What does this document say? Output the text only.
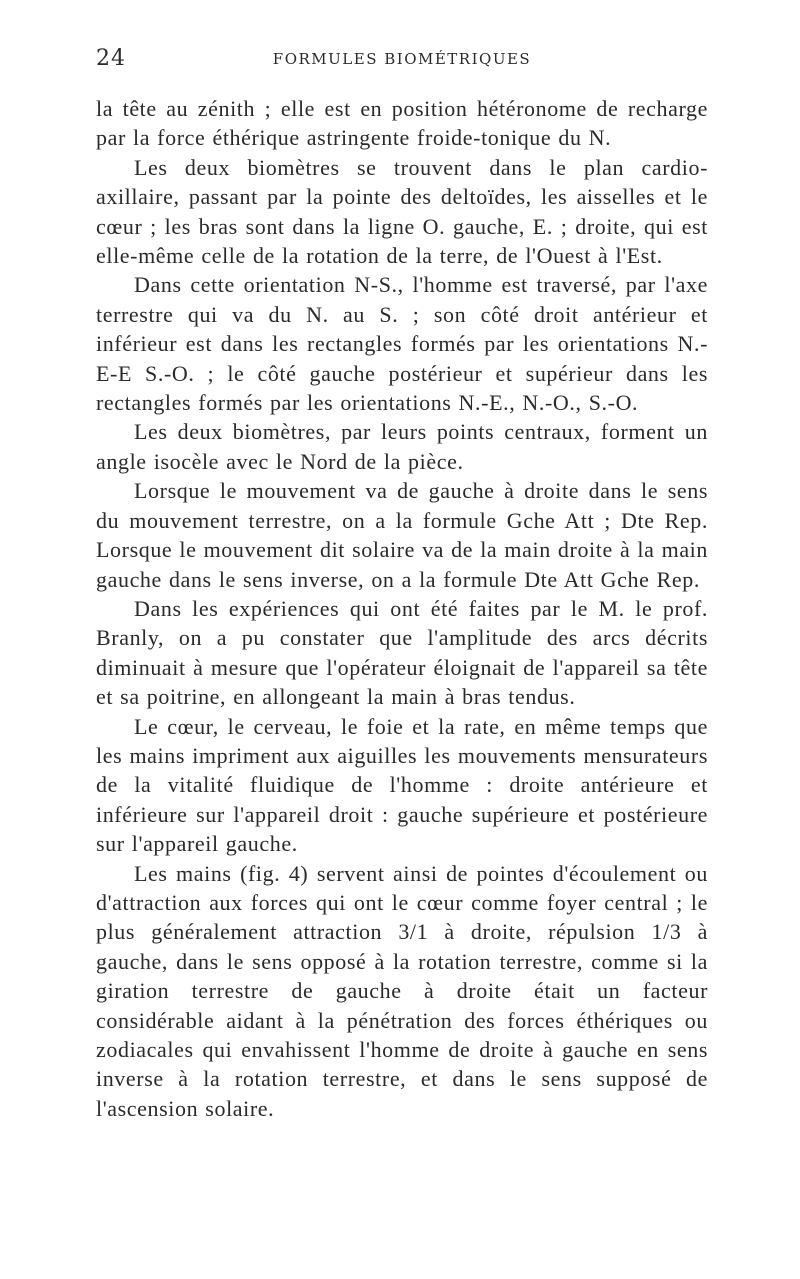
24	FORMULES BIOMÉTRIQUES

la tête au zénith ; elle est en position hétéronome de recharge par la force éthérique astringente froide-tonique du N.

Les deux biomètres se trouvent dans le plan cardio-axillaire, passant par la pointe des deltoïdes, les aisselles et le cœur ; les bras sont dans la ligne O. gauche, E. ; droite, qui est elle-même celle de la rotation de la terre, de l'Ouest à l'Est.

Dans cette orientation N-S., l'homme est traversé, par l'axe terrestre qui va du N. au S. ; son côté droit antérieur et inférieur est dans les rectangles formés par les orientations N.-E-E S.-O. ; le côté gauche postérieur et supérieur dans les rectangles formés par les orientations N.-E., N.-O., S.-O.

Les deux biomètres, par leurs points centraux, forment un angle isocèle avec le Nord de la pièce.

Lorsque le mouvement va de gauche à droite dans le sens du mouvement terrestre, on a la formule Gche Att ; Dte Rep. Lorsque le mouvement dit solaire va de la main droite à la main gauche dans le sens inverse, on a la formule Dte Att Gche Rep.

Dans les expériences qui ont été faites par le M. le prof. Branly, on a pu constater que l'amplitude des arcs décrits diminuait à mesure que l'opérateur éloignait de l'appareil sa tête et sa poitrine, en allongeant la main à bras tendus.

Le cœur, le cerveau, le foie et la rate, en même temps que les mains impriment aux aiguilles les mouvements mensurateurs de la vitalité fluidique de l'homme : droite antérieure et inférieure sur l'appareil droit : gauche supérieure et postérieure sur l'appareil gauche.

Les mains (fig. 4) servent ainsi de pointes d'écoulement ou d'attraction aux forces qui ont le cœur comme foyer central ; le plus généralement attraction 3/1 à droite, répulsion 1/3 à gauche, dans le sens opposé à la rotation terrestre, comme si la giration terrestre de gauche à droite était un facteur considérable aidant à la pénétration des forces éthériques ou zodiacales qui envahissent l'homme de droite à gauche en sens inverse à la rotation terrestre, et dans le sens supposé de l'ascension solaire.
